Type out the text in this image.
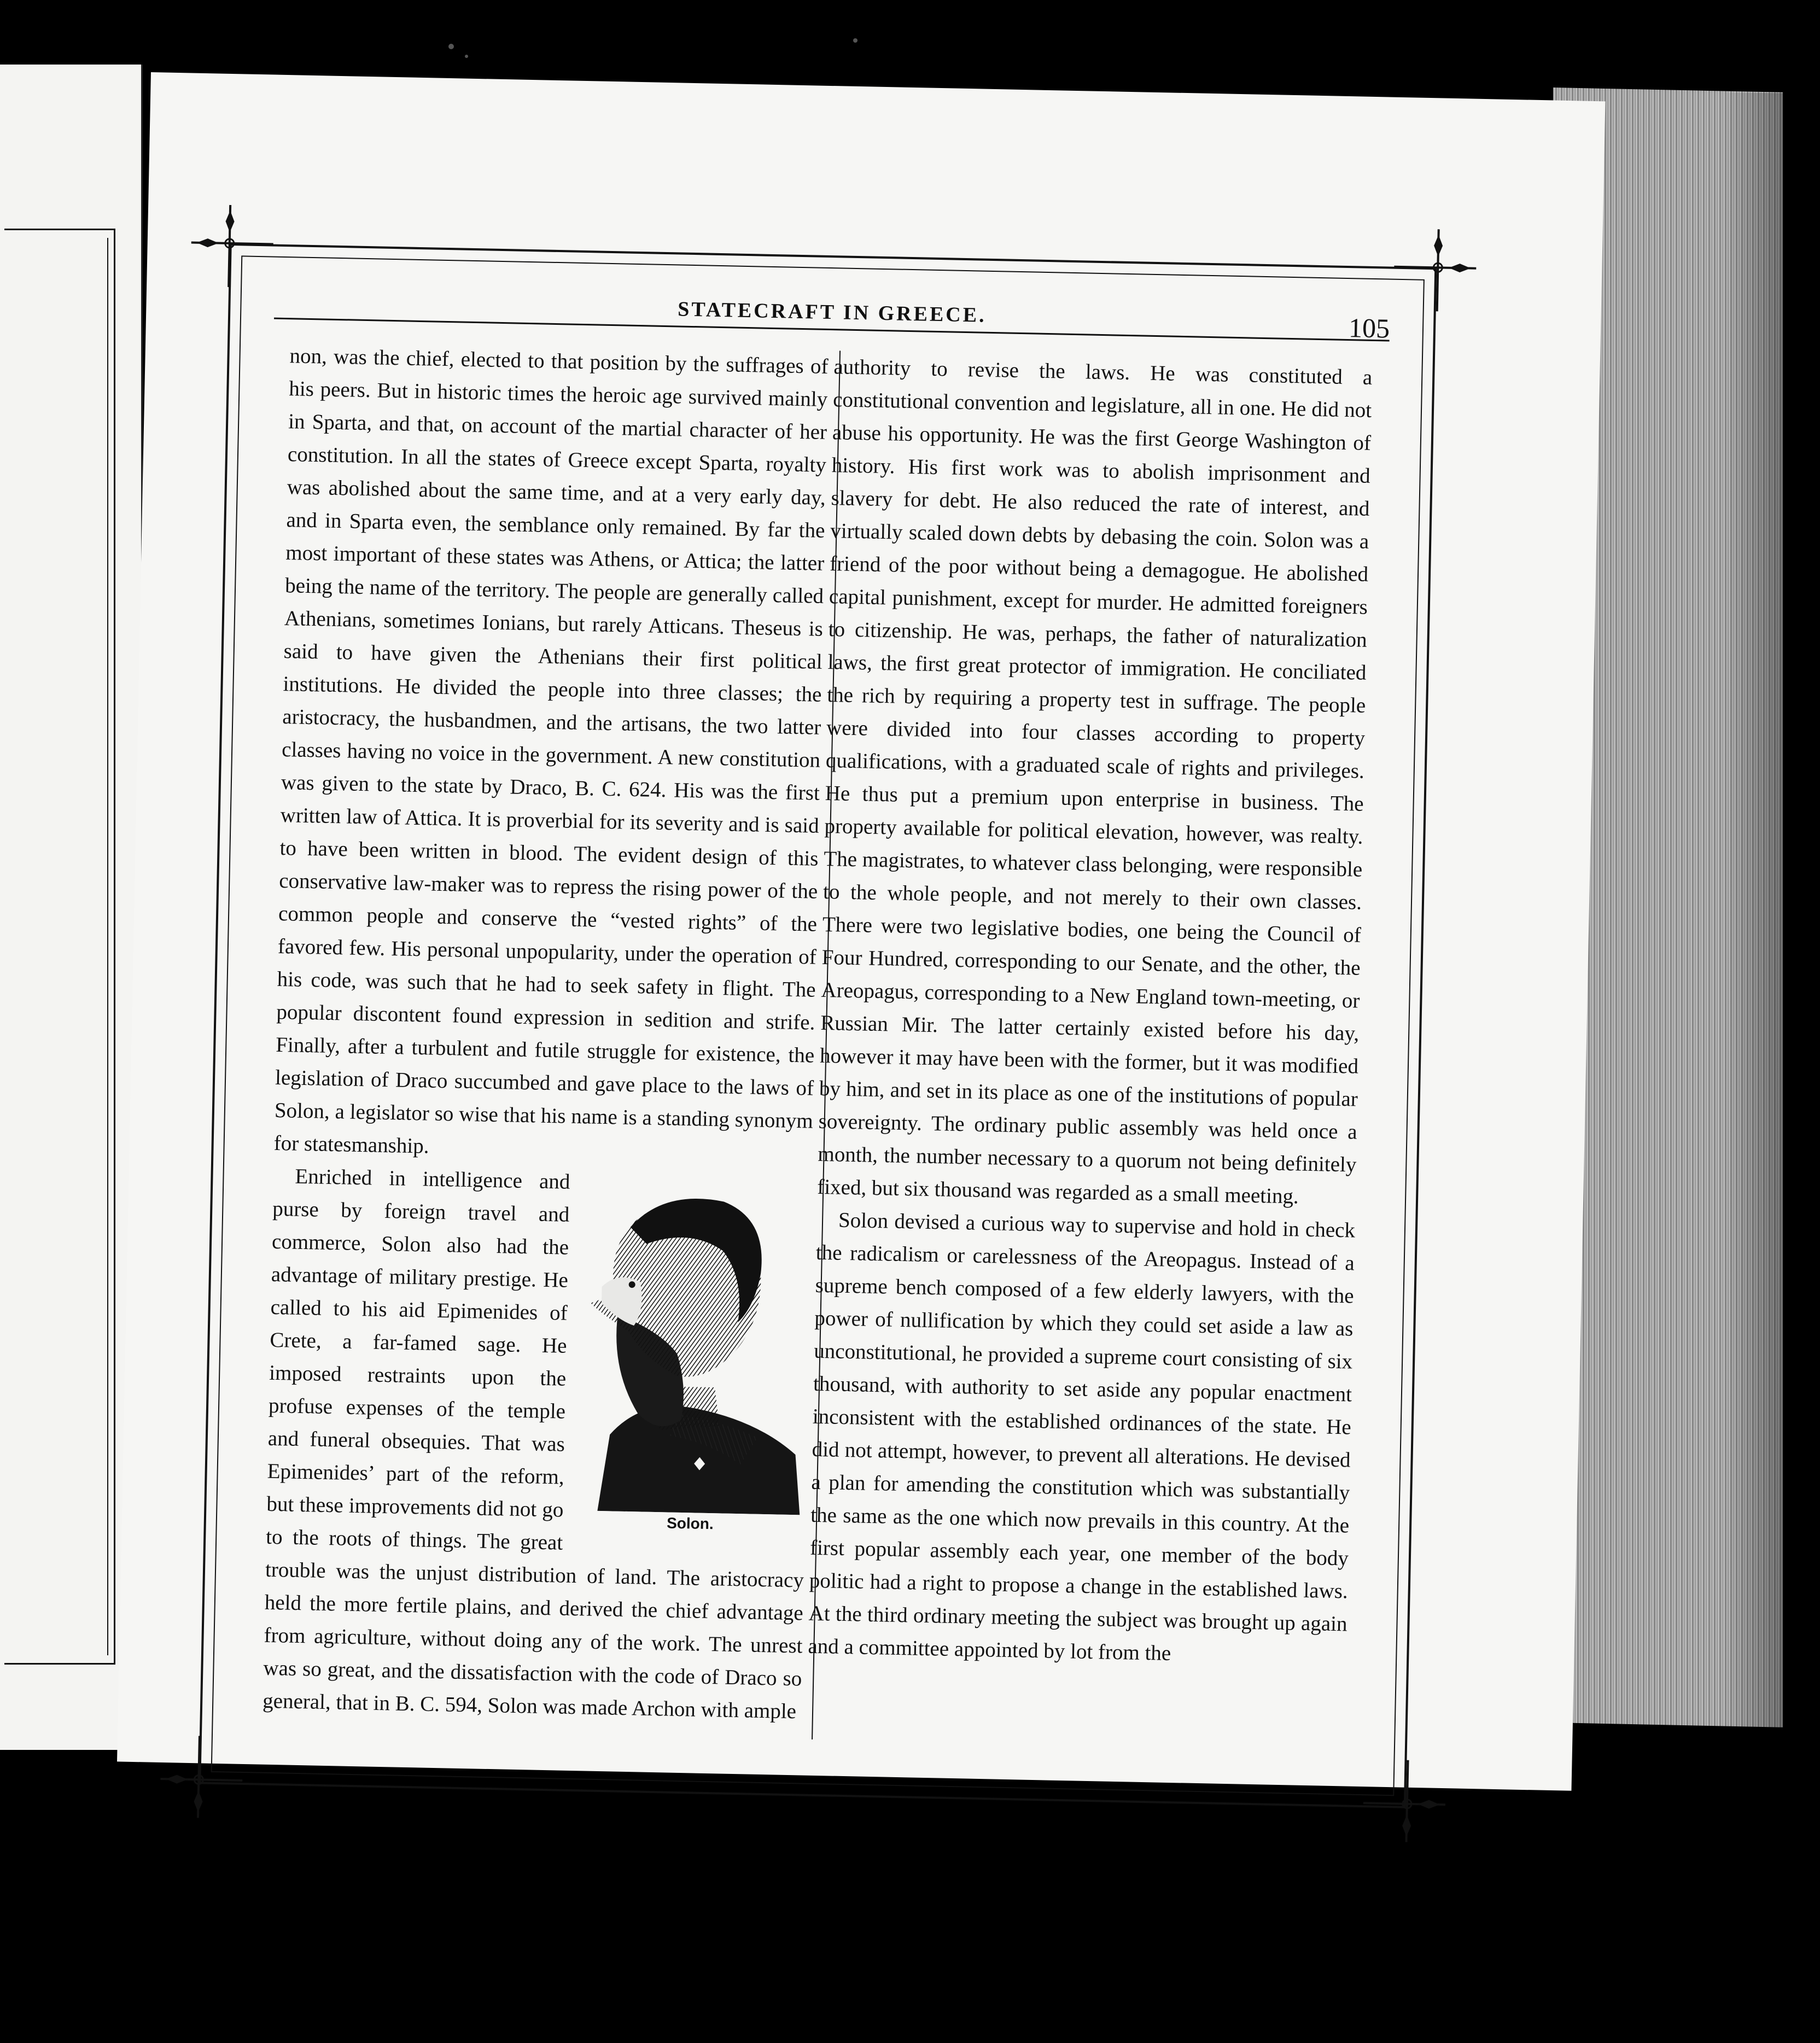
STATECRAFT IN GREECE.	105

non, was the chief, elected to that position by the suffrages of his peers. But in historic times the heroic age survived mainly in Sparta, and that, on account of the martial character of her constitution. In all the states of Greece except Sparta, royalty was abolished about the same time, and at a very early day, and in Sparta even, the semblance only remained. By far the most important of these states was Athens, or Attica; the latter being the name of the territory. The people are generally called Athenians, sometimes Ionians, but rarely Atticans. Theseus is said to have given the Athenians their first political institutions. He divided the people into three classes; the aristocracy, the husbandmen, and the artisans, the two latter classes having no voice in the government. A new constitution was given to the state by Draco, B. C. 624. His was the first written law of Attica. It is proverbial for its severity and is said to have been written in blood. The evident design of this conservative law-maker was to repress the rising power of the common people and conserve the “vested rights” of the favored few. His personal unpopularity, under the operation of his code, was such that he had to seek safety in flight. The popular discontent found expression in sedition and strife. Finally, after a turbulent and futile struggle for existence, the legislation of Draco succumbed and gave place to the laws of Solon, a legislator so wise that his name is a standing synonym for statesmanship.

Solon.

Enriched in intelligence and purse by foreign travel and commerce, Solon also had the advantage of military prestige. He called to his aid Epimenides of Crete, a far-famed sage. He imposed restraints upon the profuse expenses of the temple and funeral obsequies. That was Epimenides’ part of the reform, but these improvements did not go to the roots of things. The great trouble was the unjust distribution of land. The aristocracy held the more fertile plains, and derived the chief advantage from agriculture, without doing any of the work. The unrest was so great, and the dissatisfaction with the code of Draco so general, that in B. C. 594, Solon was made Archon with ample

authority to revise the laws. He was constituted a constitutional convention and legislature, all in one. He did not abuse his opportunity. He was the first George Washington of history. His first work was to abolish imprisonment and slavery for debt. He also reduced the rate of interest, and virtually scaled down debts by debasing the coin. Solon was a friend of the poor without being a demagogue. He abolished capital punishment, except for murder. He admitted foreigners to citizenship. He was, perhaps, the father of naturalization laws, the first great protector of immigration. He conciliated the rich by requiring a property test in suffrage. The people were divided into four classes according to property qualifications, with a graduated scale of rights and privileges. He thus put a premium upon enterprise in business. The property available for political elevation, however, was realty. The magistrates, to whatever class belonging, were responsible to the whole people, and not merely to their own classes. There were two legislative bodies, one being the Council of Four Hundred, corresponding to our Senate, and the other, the Areopagus, corresponding to a New England town-meeting, or Russian Mir. The latter certainly existed before his day, however it may have been with the former, but it was modified by him, and set in its place as one of the institutions of popular sovereignty. The ordinary public assembly was held once a month, the number necessary to a quorum not being definitely fixed, but six thousand was regarded as a small meeting.

Solon devised a curious way to supervise and hold in check the radicalism or carelessness of the Areopagus. Instead of a supreme bench composed of a few elderly lawyers, with the power of nullification by which they could set aside a law as unconstitutional, he provided a supreme court consisting of six thousand, with authority to set aside any popular enactment inconsistent with the established ordinances of the state. He did not attempt, however, to prevent all alterations. He devised a plan for amending the constitution which was substantially the same as the one which now prevails in this country. At the first popular assembly each year, one member of the body politic had a right to propose a change in the established laws. At the third ordinary meeting the subject was brought up again and a committee appointed by lot from the
